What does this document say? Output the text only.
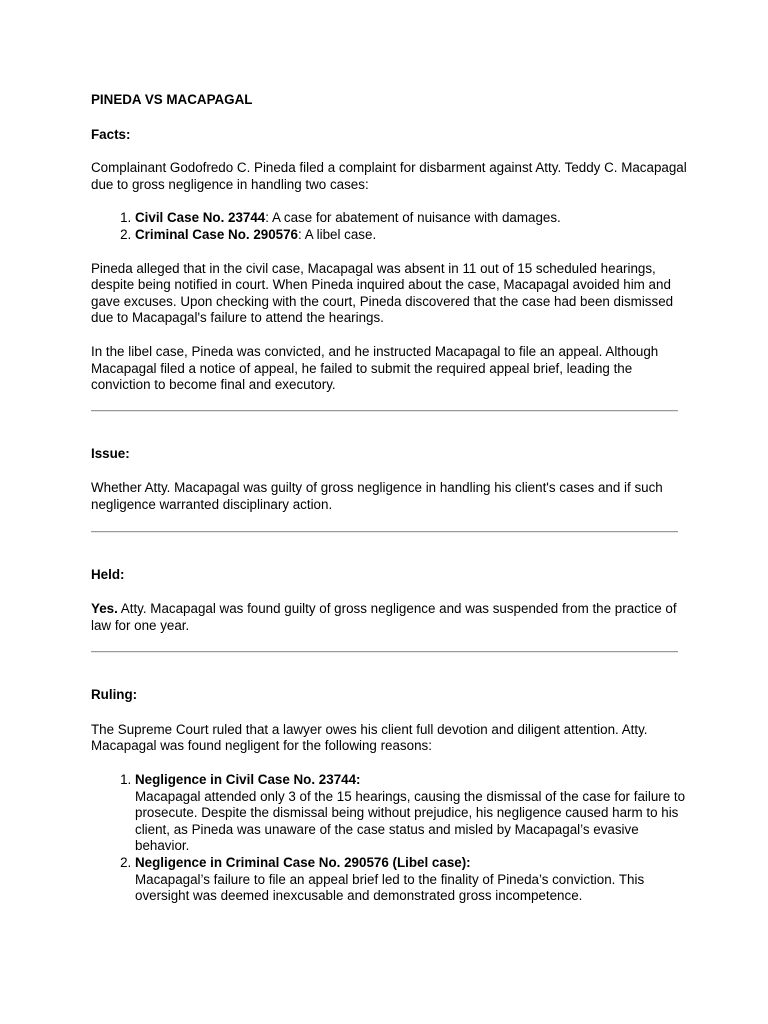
PINEDA VS MACAPAGAL

Facts:

Complainant Godofredo C. Pineda filed a complaint for disbarment against Atty. Teddy C. Macapagal due to gross negligence in handling two cases:

1. Civil Case No. 23744: A case for abatement of nuisance with damages.
2. Criminal Case No. 290576: A libel case.

Pineda alleged that in the civil case, Macapagal was absent in 11 out of 15 scheduled hearings, despite being notified in court. When Pineda inquired about the case, Macapagal avoided him and gave excuses. Upon checking with the court, Pineda discovered that the case had been dismissed due to Macapagal's failure to attend the hearings.

In the libel case, Pineda was convicted, and he instructed Macapagal to file an appeal. Although Macapagal filed a notice of appeal, he failed to submit the required appeal brief, leading the conviction to become final and executory.

Issue:

Whether Atty. Macapagal was guilty of gross negligence in handling his client's cases and if such negligence warranted disciplinary action.

Held:

Yes. Atty. Macapagal was found guilty of gross negligence and was suspended from the practice of law for one year.

Ruling:

The Supreme Court ruled that a lawyer owes his client full devotion and diligent attention. Atty. Macapagal was found negligent for the following reasons:

1. Negligence in Civil Case No. 23744:
Macapagal attended only 3 of the 15 hearings, causing the dismissal of the case for failure to prosecute. Despite the dismissal being without prejudice, his negligence caused harm to his client, as Pineda was unaware of the case status and misled by Macapagal’s evasive behavior.
2. Negligence in Criminal Case No. 290576 (Libel case):
Macapagal’s failure to file an appeal brief led to the finality of Pineda’s conviction. This oversight was deemed inexcusable and demonstrated gross incompetence.
